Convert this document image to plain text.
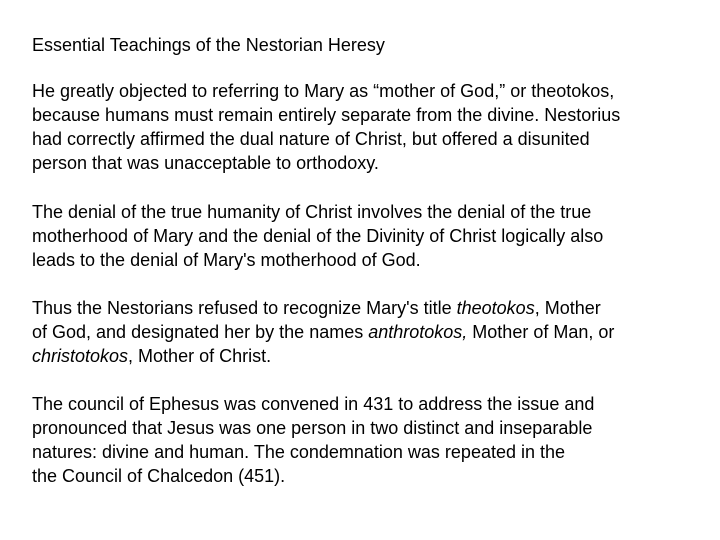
Essential Teachings of the Nestorian Heresy
He greatly objected to referring to Mary as “mother of God,” or theotokos,
because humans must remain entirely separate from the divine. Nestorius
had correctly affirmed the dual nature of Christ, but offered a disunited
person that was unacceptable to orthodoxy.
The denial of the true humanity of Christ involves the denial of the true
motherhood of Mary and the denial of the Divinity of Christ logically also
leads to the denial of Mary's motherhood of God.
Thus the Nestorians refused to recognize Mary's title theotokos, Mother
of God, and designated her by the names anthrotokos, Mother of Man, or
christotokos, Mother of Christ.
The council of Ephesus was convened in 431 to address the issue and
pronounced that Jesus was one person in two distinct and inseparable
natures: divine and human. The condemnation was repeated in the
the Council of Chalcedon (451).
